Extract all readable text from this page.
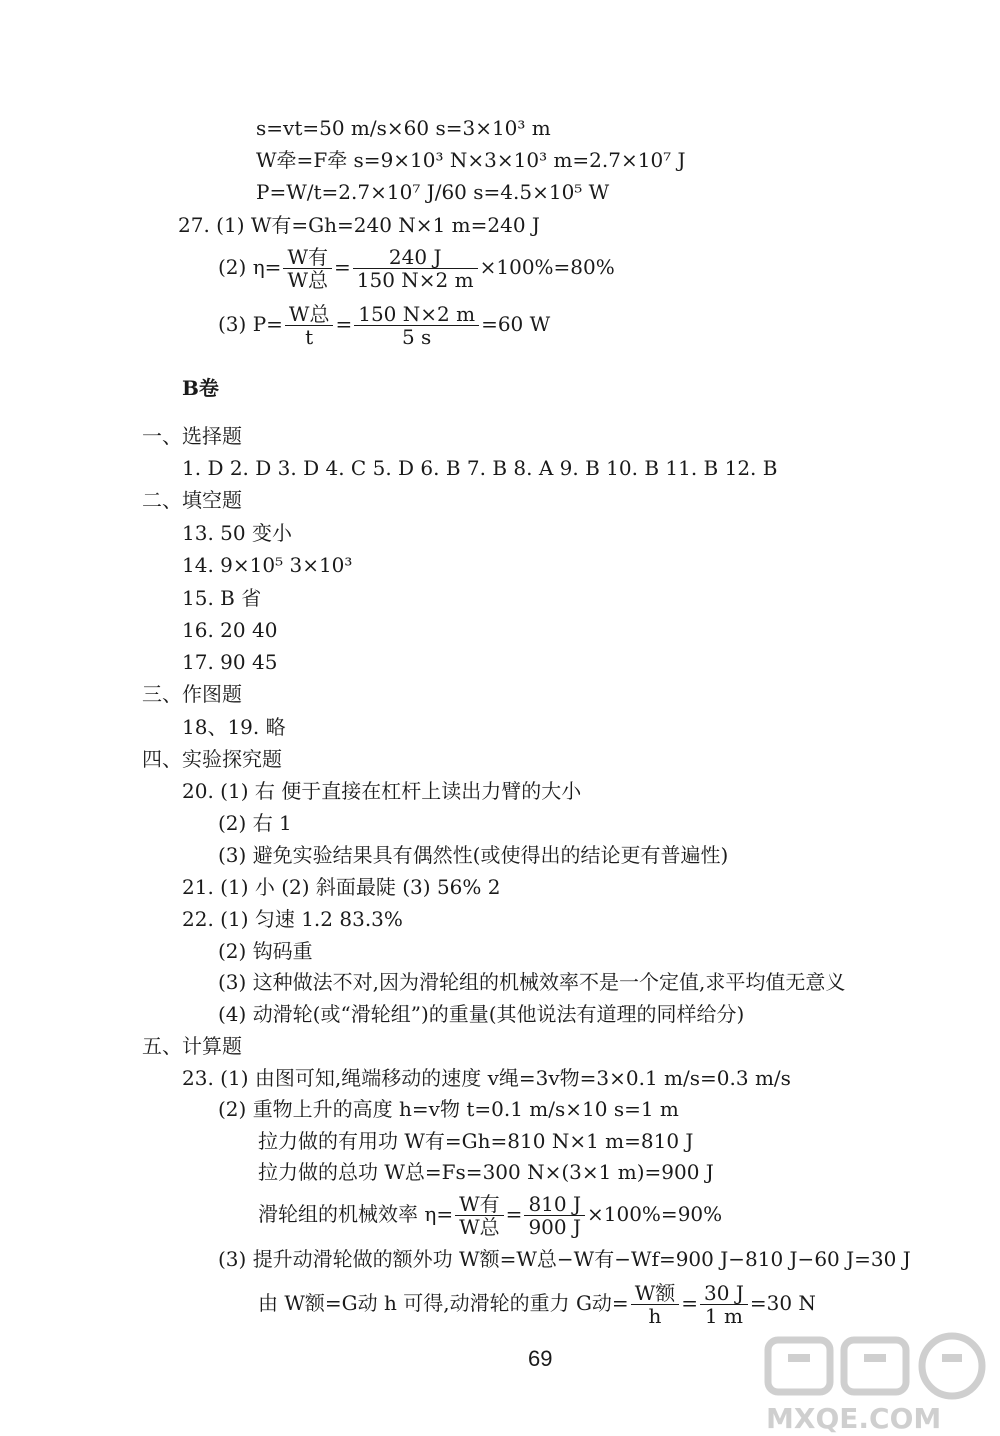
s=vt=50 m/s×60 s=3×10³ m
W牵=F牵 s=9×10³ N×3×10³ m=2.7×10⁷ J
P=W/t=2.7×10⁷ J/60 s=4.5×10⁵ W
27. (1) W有=Gh=240 N×1 m=240 J
(2) $\eta= \frac{\text{W有}}{\text{W总}} = \frac{240 J}{150 N\times 2 m} \times 100\%=80\%$
(3) $P= \frac{\text{W总}}{t} = \frac{150 N\times 2 m}{5 s} =60$ W
B卷
一、选择题
1. D 2. D 3. D 4. C 5. D 6. B 7. B 8. A 9. B 10. B 11. B 12. B
二、填空题
13. 50 变小
14. 9×10⁵ 3×10³
15. B 省
16. 20 40
17. 90 45
三、作图题
18、19. 略
四、实验探究题
20. (1) 右 便于直接在杠杆上读出力臂的大小
(2) 右 1
(3) 避免实验结果具有偶然性(或使得出的结论更有普遍性)
21. (1) 小 (2) 斜面最陡 (3) 56% 2
22. (1) 匀速 1.2 83.3%
(2) 钩码重
(3) 这种做法不对,因为滑轮组的机械效率不是一个定值,求平均值无意义
(4) 动滑轮(或“滑轮组”)的重量(其他说法有道理的同样给分)
五、计算题
23. (1) 由图可知,绳端移动的速度 v绳=3v物=3×0.1 m/s=0.3 m/s
(2) 重物上升的高度 h=v物 t=0.1 m/s×10 s=1 m
拉力做的有用功 W有=Gh=810 N×1 m=810 J
拉力做的总功 W总=Fs=300 N×(3×1 m)=900 J
滑轮组的机械效率 $\eta= \frac{\text{W有}}{\text{W总}} = \frac{810 J}{900 J} \times 100\%=90\%$
(3) 提升动滑轮做的额外功 W额=W总−W有−Wf=900 J−810 J−60 J=30 J
由 W额=G动 h 可得,动滑轮的重力 G动= $\frac{\text{W额}}{h} = \frac{30 J}{1 m} =30$ N
69
MXQE.COM
